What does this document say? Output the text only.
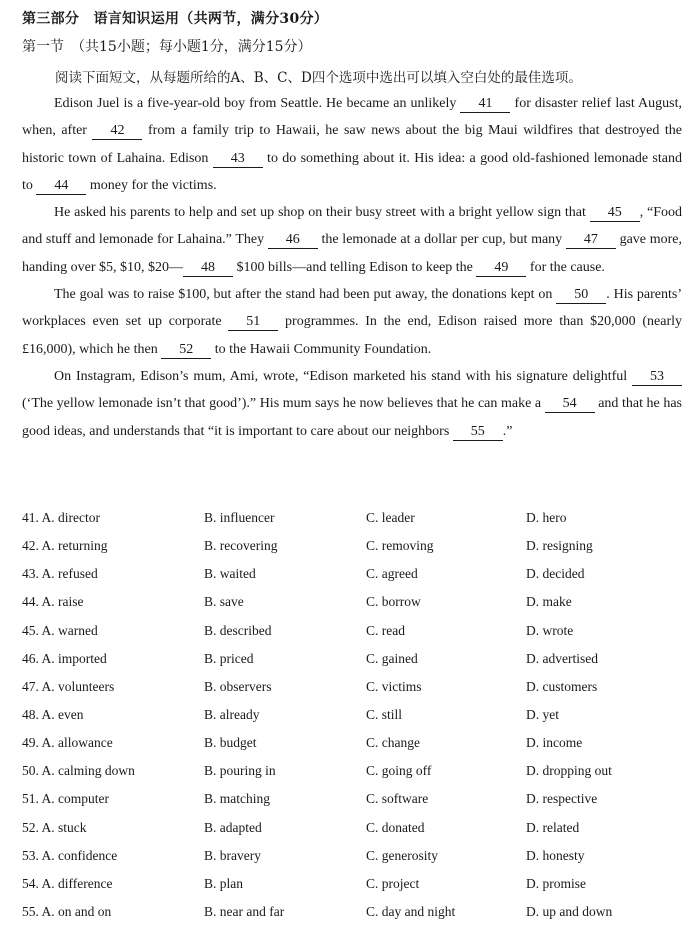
第三部分　语言知识运用（共两节，满分30分）
第一节　（共15小题；每小题1分，满分15分）
阅读下面短文，从每题所给的A、B、C、D四个选项中选出可以填入空白处的最佳选项。

Edison Juel is a five-year-old boy from Seattle. He became an unlikely 41 for disaster relief last August, when, after 42 from a family trip to Hawaii, he saw news about the big Maui wildfires that destroyed the historic town of Lahaina. Edison 43 to do something about it. His idea: a good old-fashioned lemonade stand to 44 money for the victims.

He asked his parents to help and set up shop on their busy street with a bright yellow sign that 45 , “Food and stuff and lemonade for Lahaina.” They 46 the lemonade at a dollar per cup, but many 47 gave more, handing over $5, $10, $20— 48 $100 bills—and telling Edison to keep the 49 for the cause.

The goal was to raise $100, but after the stand had been put away, the donations kept on 50 . His parents’ workplaces even set up corporate 51 programmes. In the end, Edison raised more than $20,000 (nearly £16,000), which he then 52 to the Hawaii Community Foundation.

On Instagram, Edison’s mum, Ami, wrote, “Edison marketed his stand with his signature delightful 53 (‘The yellow lemonade isn’t that good’).” His mum says he now believes that he can make a 54 and that he has good ideas, and understands that “it is important to care about our neighbors 55 .”

41. A. director	B. influencer	C. leader	D. hero
42. A. returning	B. recovering	C. removing	D. resigning
43. A. refused	B. waited	C. agreed	D. decided
44. A. raise	B. save	C. borrow	D. make
45. A. warned	B. described	C. read	D. wrote
46. A. imported	B. priced	C. gained	D. advertised
47. A. volunteers	B. observers	C. victims	D. customers
48. A. even	B. already	C. still	D. yet
49. A. allowance	B. budget	C. change	D. income
50. A. calming down	B. pouring in	C. going off	D. dropping out
51. A. computer	B. matching	C. software	D. respective
52. A. stuck	B. adapted	C. donated	D. related
53. A. confidence	B. bravery	C. generosity	D. honesty
54. A. difference	B. plan	C. project	D. promise
55. A. on and on	B. near and far	C. day and night	D. up and down
